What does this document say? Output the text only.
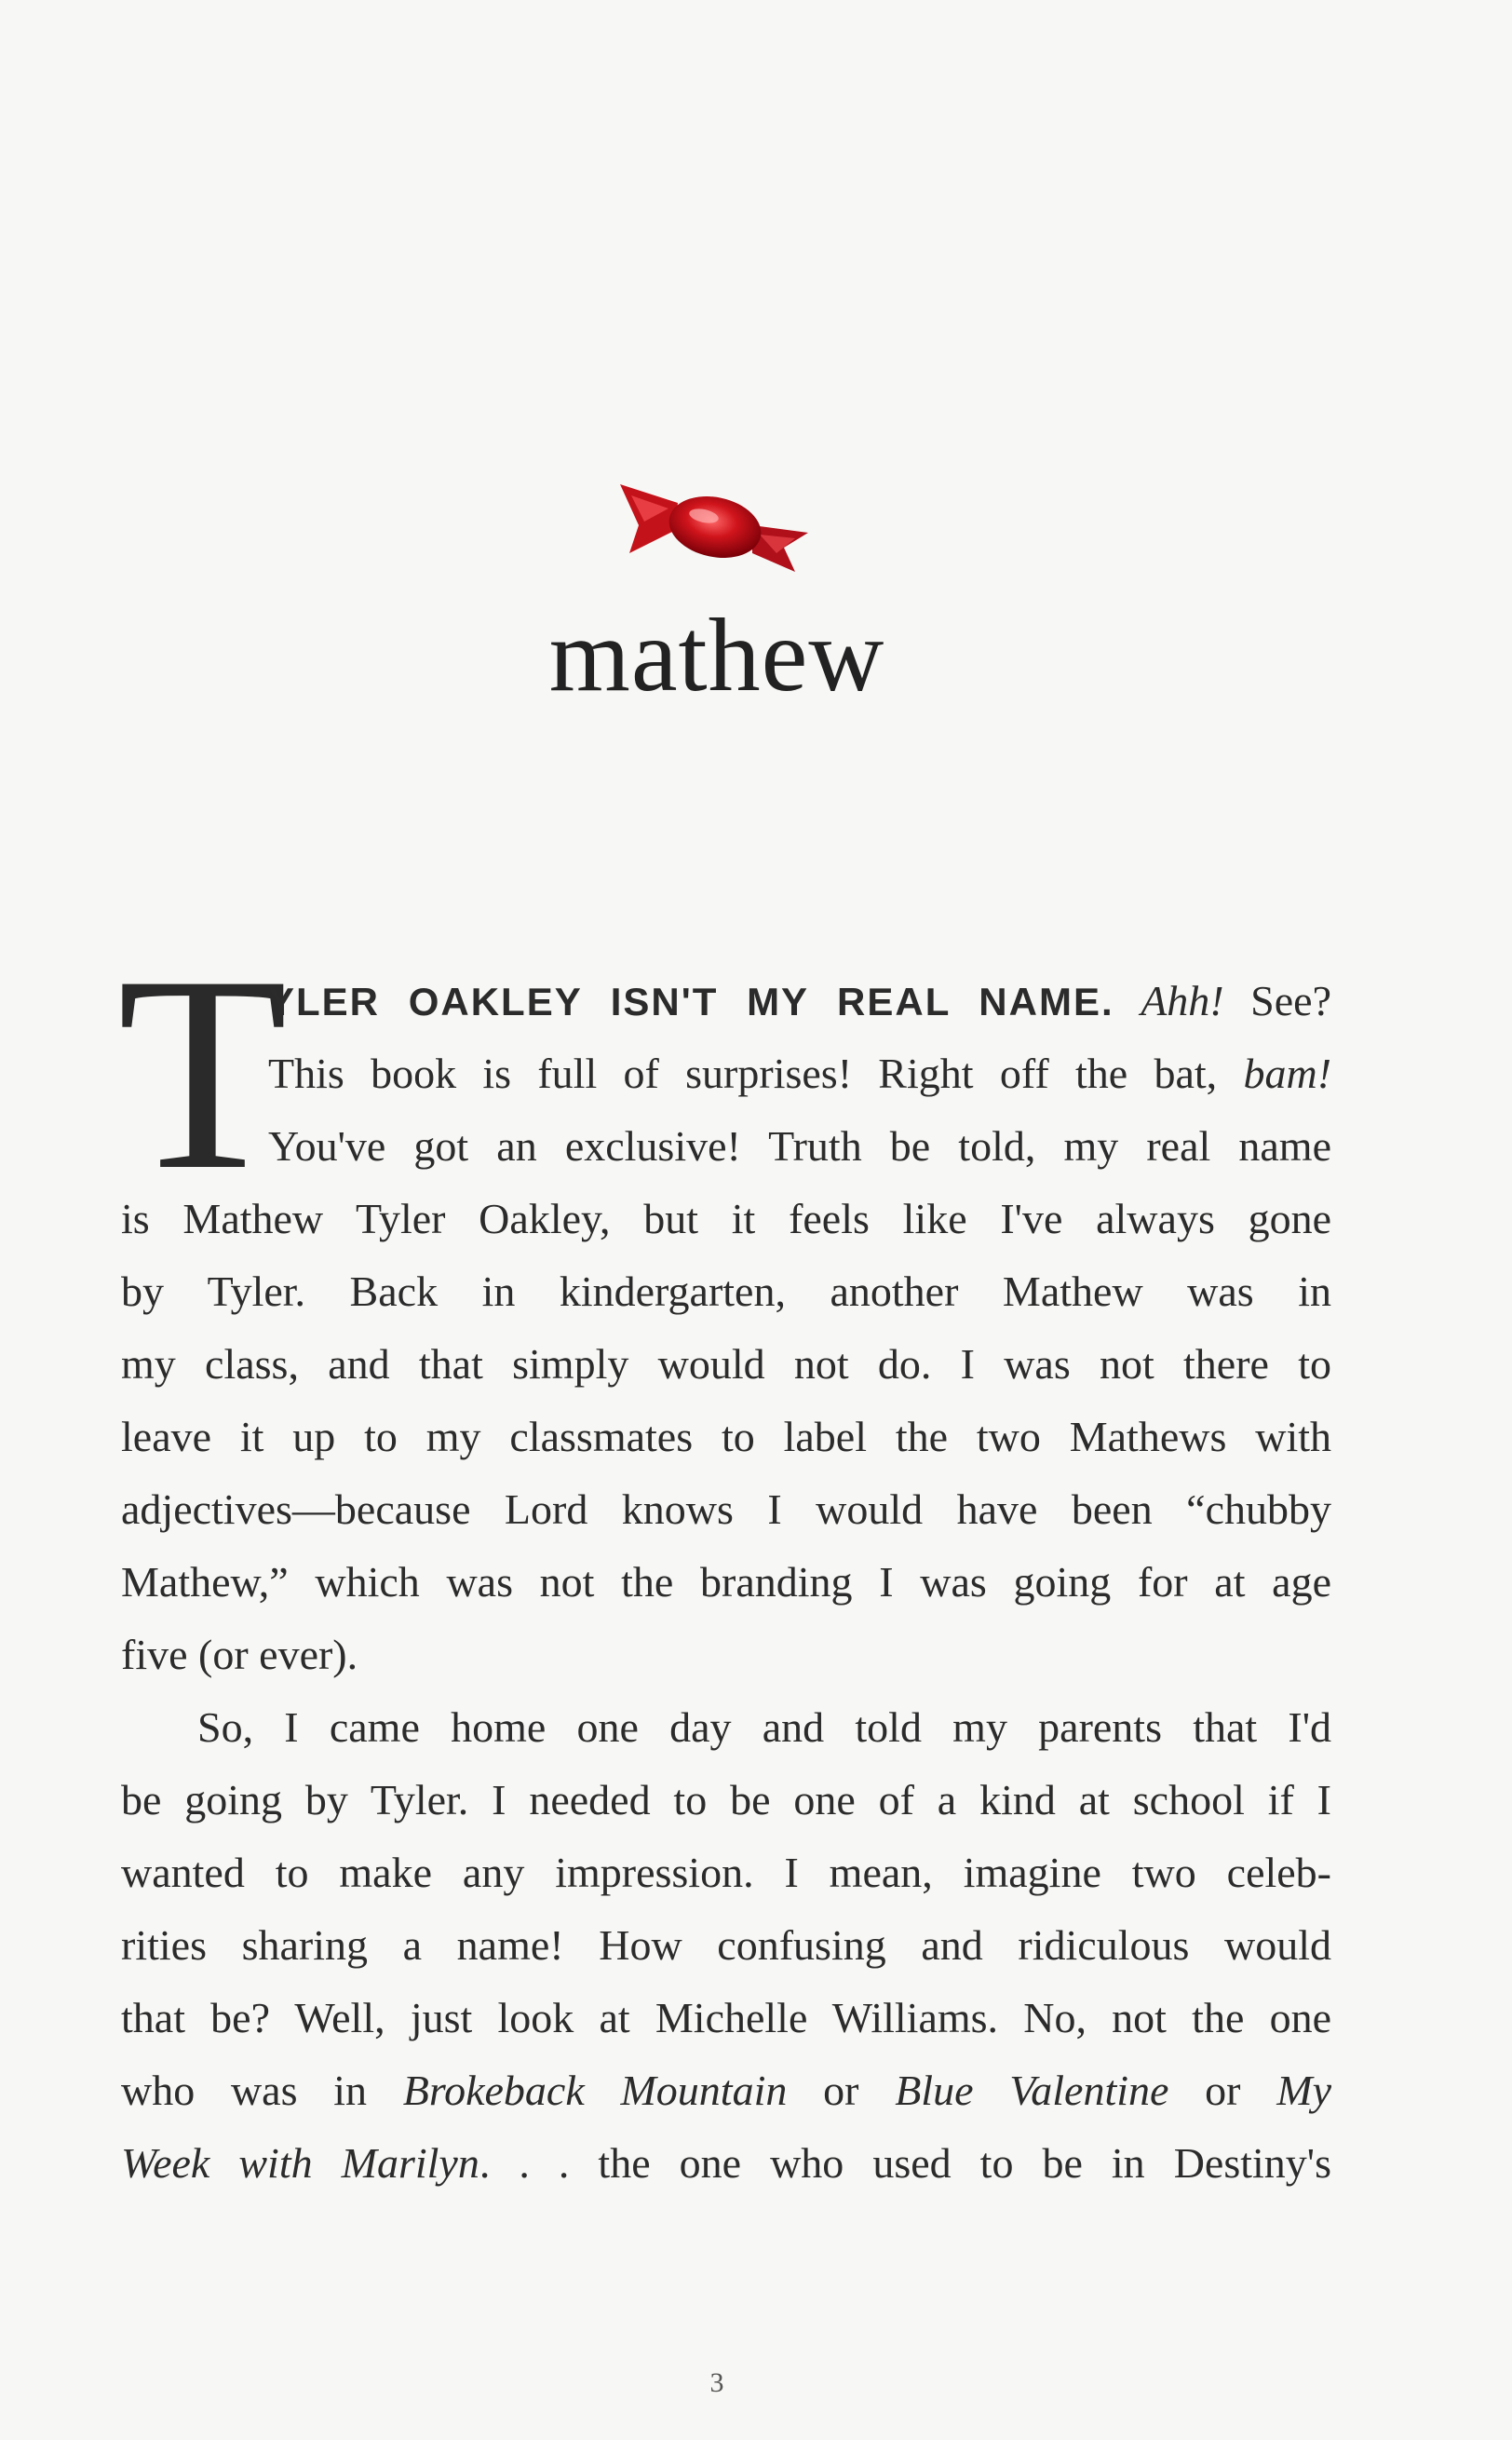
mathew
T
YLER OAKLEY ISN'T MY REAL NAME. Ahh! See?
This book is full of surprises! Right off the bat, bam!
You've got an exclusive! Truth be told, my real name
is Mathew Tyler Oakley, but it feels like I've always gone
by Tyler. Back in kindergarten, another Mathew was in
my class, and that simply would not do. I was not there to
leave it up to my classmates to label the two Mathews with
adjectives—because Lord knows I would have been “chubby
Mathew,” which was not the branding I was going for at age
five (or ever).
So, I came home one day and told my parents that I'd
be going by Tyler. I needed to be one of a kind at school if I
wanted to make any impression. I mean, imagine two celeb-
rities sharing a name! How confusing and ridiculous would
that be? Well, just look at Michelle Williams. No, not the one
who was in Brokeback Mountain or Blue Valentine or My
Week with Marilyn. . . the one who used to be in Destiny's
3
